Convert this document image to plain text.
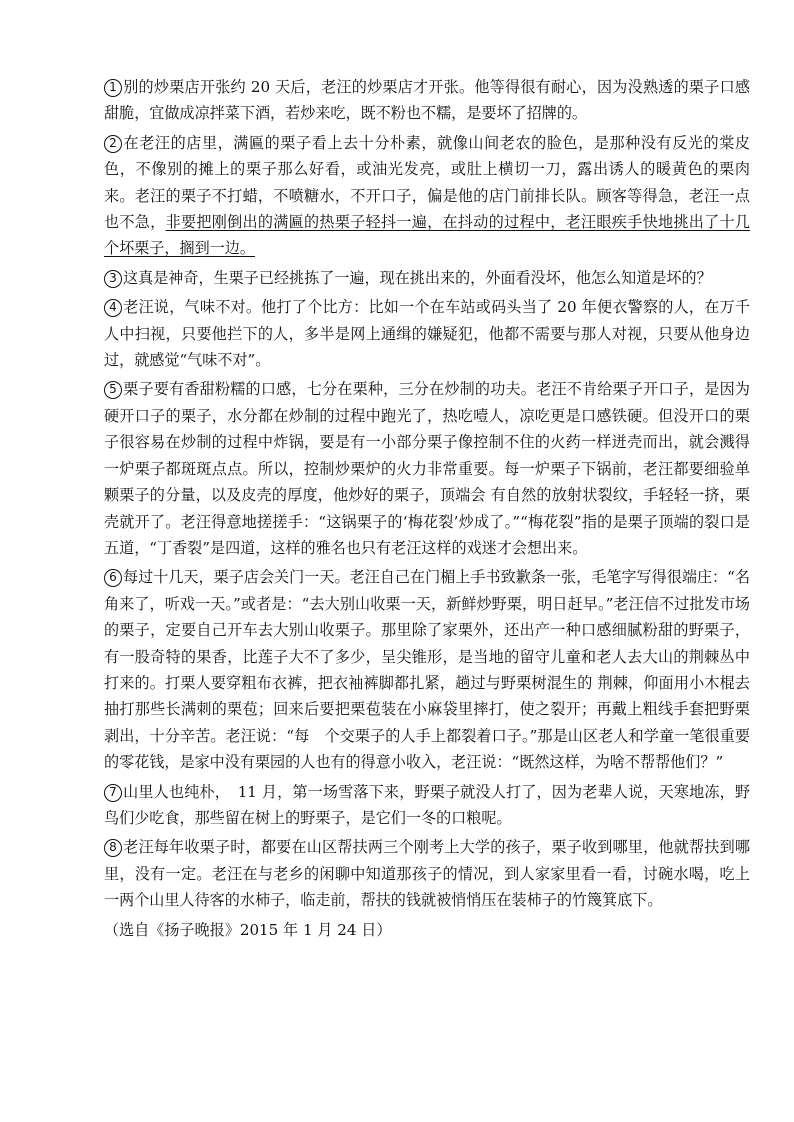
1 别的炒栗店开张约 20 天后，老汪的炒栗店才开张。他等得很有耐心，因为没熟透的栗子口感甜脆，宜做成凉拌菜下酒，若炒来吃，既不粉也不糯，是要坏了招牌的。

2 在老汪的店里，满匾的栗子看上去十分朴素，就像山间老农的脸色，是那种没有反光的棠皮色，不像别的摊上的栗子那么好看，或油光发亮，或肚上横切一刀，露出诱人的暖黄色的栗肉来。老汪的栗子不打蜡，不喷糖水，不开口子，偏是他的店门前排长队。顾客等得急，老汪一点也不急，非要把刚倒出的满匾的热栗子轻抖一遍，在抖动的过程中，老汪眼疾手快地挑出了十几个坏栗子，搁到一边。

3 这真是神奇，生栗子已经挑拣了一遍，现在挑出来的，外面看没坏，他怎么知道是坏的？

4 老汪说，气味不对。他打了个比方：比如一个在车站或码头当了 20 年便衣警察的人，在万千人中扫视，只要他拦下的人，多半是网上通缉的嫌疑犯，他都不需要与那人对视，只要从他身边过，就感觉“气味不对”。

5 栗子要有香甜粉糯的口感，七分在栗种，三分在炒制的功夫。老汪不肯给栗子开口子，是因为硬开口子的栗子，水分都在炒制的过程中跑光了，热吃噎人，凉吃更是口感铁硬。但没开口的栗子很容易在炒制的过程中炸锅，要是有一小部分栗子像控制不住的火药一样迸壳而出，就会溅得一炉栗子都斑斑点点。所以，控制炒栗炉的火力非常重要。每一炉栗子下锅前，老汪都要细验单颗栗子的分量，以及皮壳的厚度，他炒好的栗子，顶端会 有自然的放射状裂纹，手轻轻一挤，栗壳就开了。老汪得意地搓搓手：“这锅栗子的‘梅花裂’炒成了。”“梅花裂”指的是栗子顶端的裂口是五道，“丁香裂”是四道，这样的雅名也只有老汪这样的戏迷才会想出来。

6 每过十几天，栗子店会关门一天。老汪自己在门楣上手书致歉条一张，毛笔字写得很端庄：“名角来了，听戏一天。”或者是：“去大别山收栗一天，新鲜炒野栗，明日赶早。”老汪信不过批发市场的栗子，定要自己开车去大别山收栗子。那里除了家栗外，还出产一种口感细腻粉甜的野栗子，有一股奇特的果香，比莲子大不了多少，呈尖锥形，是当地的留守儿童和老人去大山的荆棘丛中打来的。打栗人要穿粗布衣裤，把衣袖裤脚都扎紧，趟过与野栗树混生的 荆棘，仰面用小木棍去抽打那些长满刺的栗苞；回来后要把栗苞装在小麻袋里摔打，使之裂开；再戴上粗线手套把野栗剥出，十分辛苦。老汪说：“每　个交栗子的人手上都裂着口子。”那是山区老人和学童一笔很重要的零花钱，是家中没有栗园的人也有的得意小收入，老汪说：“既然这样，为啥不帮帮他们？”

7 山里人也纯朴，　11 月，第一场雪落下来，野栗子就没人打了，因为老辈人说，天寒地冻，野鸟们少吃食，那些留在树上的野栗子，是它们一冬的口粮呢。

8 老汪每年收栗子时，都要在山区帮扶两三个刚考上大学的孩子，栗子收到哪里，他就帮扶到哪里，没有一定。老汪在与老乡的闲聊中知道那孩子的情况，到人家家里看一看，讨碗水喝，吃上一两个山里人待客的水柿子，临走前，帮扶的钱就被悄悄压在装柿子的竹篾箕底下。

（选自《扬子晚报》2015 年 1 月 24 日）
